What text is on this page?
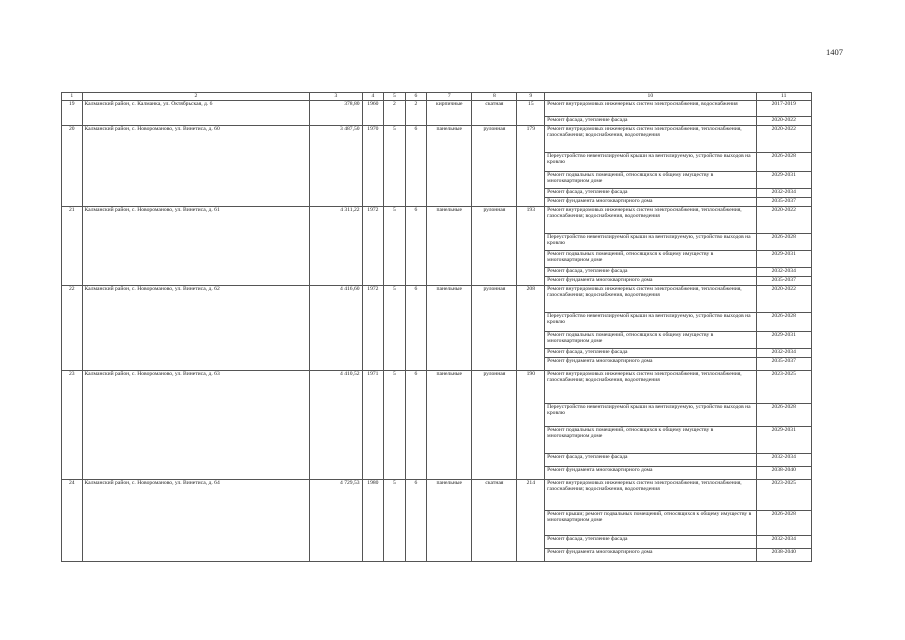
1407
1	2	3	4	5	6	7	8	9	10	11
19	Калманский район, с. Калманка, ул. Октябрьская, д. 6	378,80	1960	2	2	кирпичные	скатная	15	Ремонт внутридомовых инженерных систем электроснабжения, водоснабжения	2017-2019
									Ремонт фасада, утепление фасада	2020-2022
20	Калманский район, с. Новороманово, ул. Винетиса, д. 60	3 487,50	1970	5	6	панельные	рулонная	179	Ремонт внутридомовых инженерных систем электроснабжения, теплоснабжения, газоснабжения; водоснабжения, водоотведения	2020-2022
									Переустройство невентилируемой крыши на вентилируемую, устройство выходов на кровлю	2026-2028
									Ремонт подвальных помещений, относящихся к общему имуществу в многоквартирном доме	2029-2031
									Ремонт фасада, утепление фасада	2032-2034
									Ремонт фундамента многоквартирного дома	2035-2037
21	Калманский район, с. Новороманово, ул. Винетиса, д. 61	4 311,22	1972	5	6	панельные	рулонная	193	Ремонт внутридомовых инженерных систем электроснабжения, теплоснабжения, газоснабжения; водоснабжения, водоотведения	2020-2022
									Переустройство невентилируемой крыши на вентилируемую, устройство выходов на кровлю	2026-2028
									Ремонт подвальных помещений, относящихся к общему имуществу в многоквартирном доме	2029-2031
									Ремонт фасада, утепление фасада	2032-2034
									Ремонт фундамента многоквартирного дома	2035-2037
22	Калманский район, с. Новороманово, ул. Винетиса, д. 62	4 416,60	1972	5	6	панельные	рулонная	208	Ремонт внутридомовых инженерных систем электроснабжения, теплоснабжения, газоснабжения; водоснабжения, водоотведения	2020-2022
									Переустройство невентилируемой крыши на вентилируемую, устройство выходов на кровлю	2026-2028
									Ремонт подвальных помещений, относящихся к общему имуществу в многоквартирном доме	2029-2031
									Ремонт фасада, утепление фасада	2032-2034
									Ремонт фундамента многоквартирного дома	2035-2037
23	Калманский район, с. Новороманово, ул. Винетиса, д. 63	4 410,52	1971	5	6	панельные	рулонная	190	Ремонт внутридомовых инженерных систем электроснабжения, теплоснабжения, газоснабжения; водоснабжения, водоотведения	2023-2025
									Переустройство невентилируемой крыши на вентилируемую, устройство выходов на кровлю	2026-2028
									Ремонт подвальных помещений, относящихся к общему имуществу в многоквартирном доме	2029-2031
									Ремонт фасада, утепление фасада	2032-2034
									Ремонт фундамента многоквартирного дома	2038-2040
24	Калманский район, с. Новороманово, ул. Винетиса, д. 64	4 729,53	1980	5	6	панельные	скатная	214	Ремонт внутридомовых инженерных систем электроснабжения, теплоснабжения, газоснабжения; водоснабжения, водоотведения	2023-2025
									Ремонт крыши; ремонт подвальных помещений, относящихся к общему имуществу в многоквартирном доме	2026-2028
									Ремонт фасада, утепление фасада	2032-2034
									Ремонт фундамента многоквартирного дома	2038-2040
